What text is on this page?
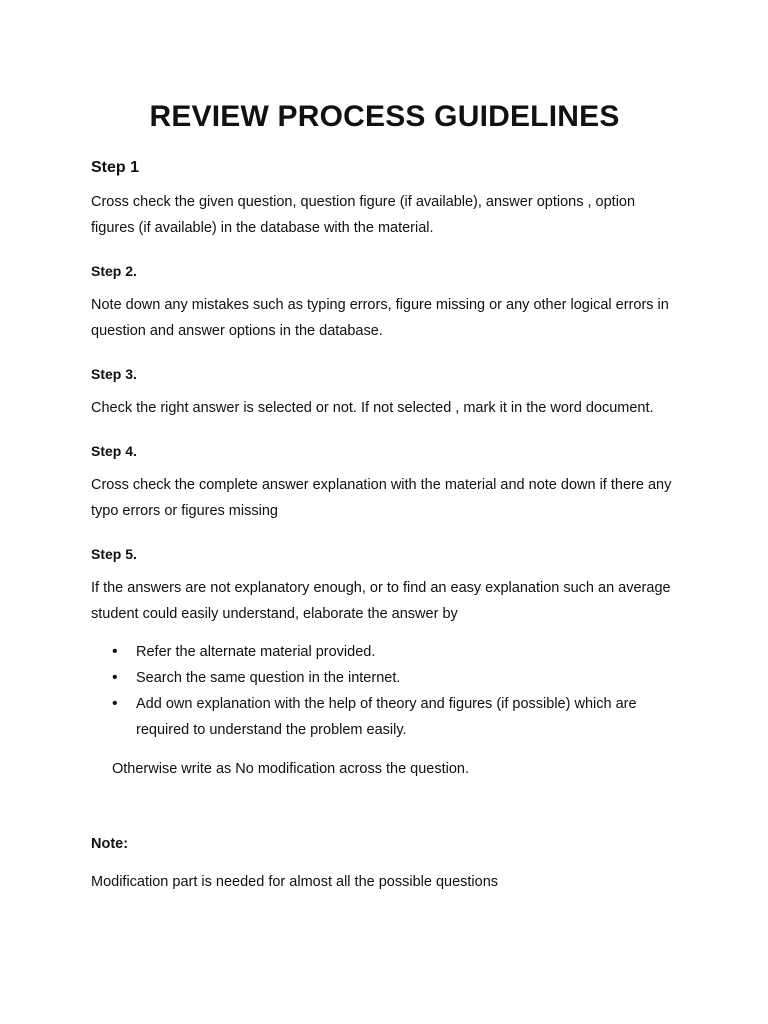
REVIEW PROCESS GUIDELINES

Step 1

Cross check the given question, question figure (if available), answer options , option figures (if available) in the database with the material.

Step 2.

Note down any mistakes such as typing errors, figure missing or any other logical errors in question and answer options in the database.

Step 3.

Check the right answer is selected or not. If not selected , mark it in the word document.

Step 4.

Cross check the complete answer explanation with the material and note down if there any typo errors or figures missing

Step 5.

If the answers are not explanatory enough, or to find an easy explanation such an average student could easily understand, elaborate the answer by

• Refer the alternate material provided.
• Search the same question in the internet.
• Add own explanation with the help of theory and figures (if possible) which are required to understand the problem easily.

Otherwise write as No modification across the question.

Note:

Modification part is needed for almost all the possible questions
